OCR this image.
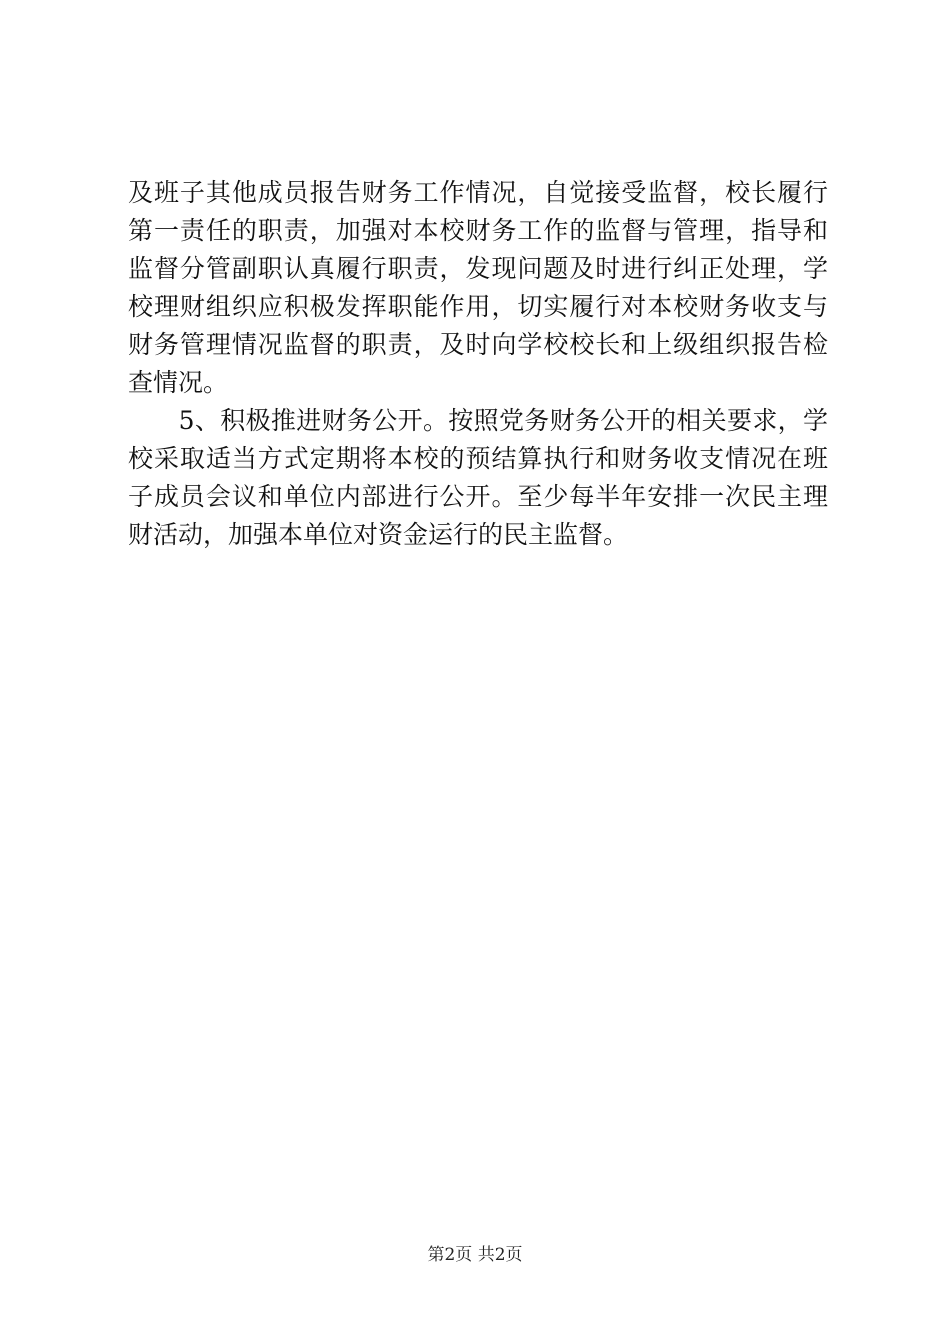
及班子其他成员报告财务工作情况，自觉接受监督，校长履行
第一责任的职责，加强对本校财务工作的监督与管理，指导和
监督分管副职认真履行职责，发现问题及时进行纠正处理，学
校理财组织应积极发挥职能作用，切实履行对本校财务收支与
财务管理情况监督的职责，及时向学校校长和上级组织报告检
查情况。
　　5、积极推进财务公开。按照党务财务公开的相关要求，学
校采取适当方式定期将本校的预结算执行和财务收支情况在班
子成员会议和单位内部进行公开。至少每半年安排一次民主理
财活动，加强本单位对资金运行的民主监督。
第2页 共2页
